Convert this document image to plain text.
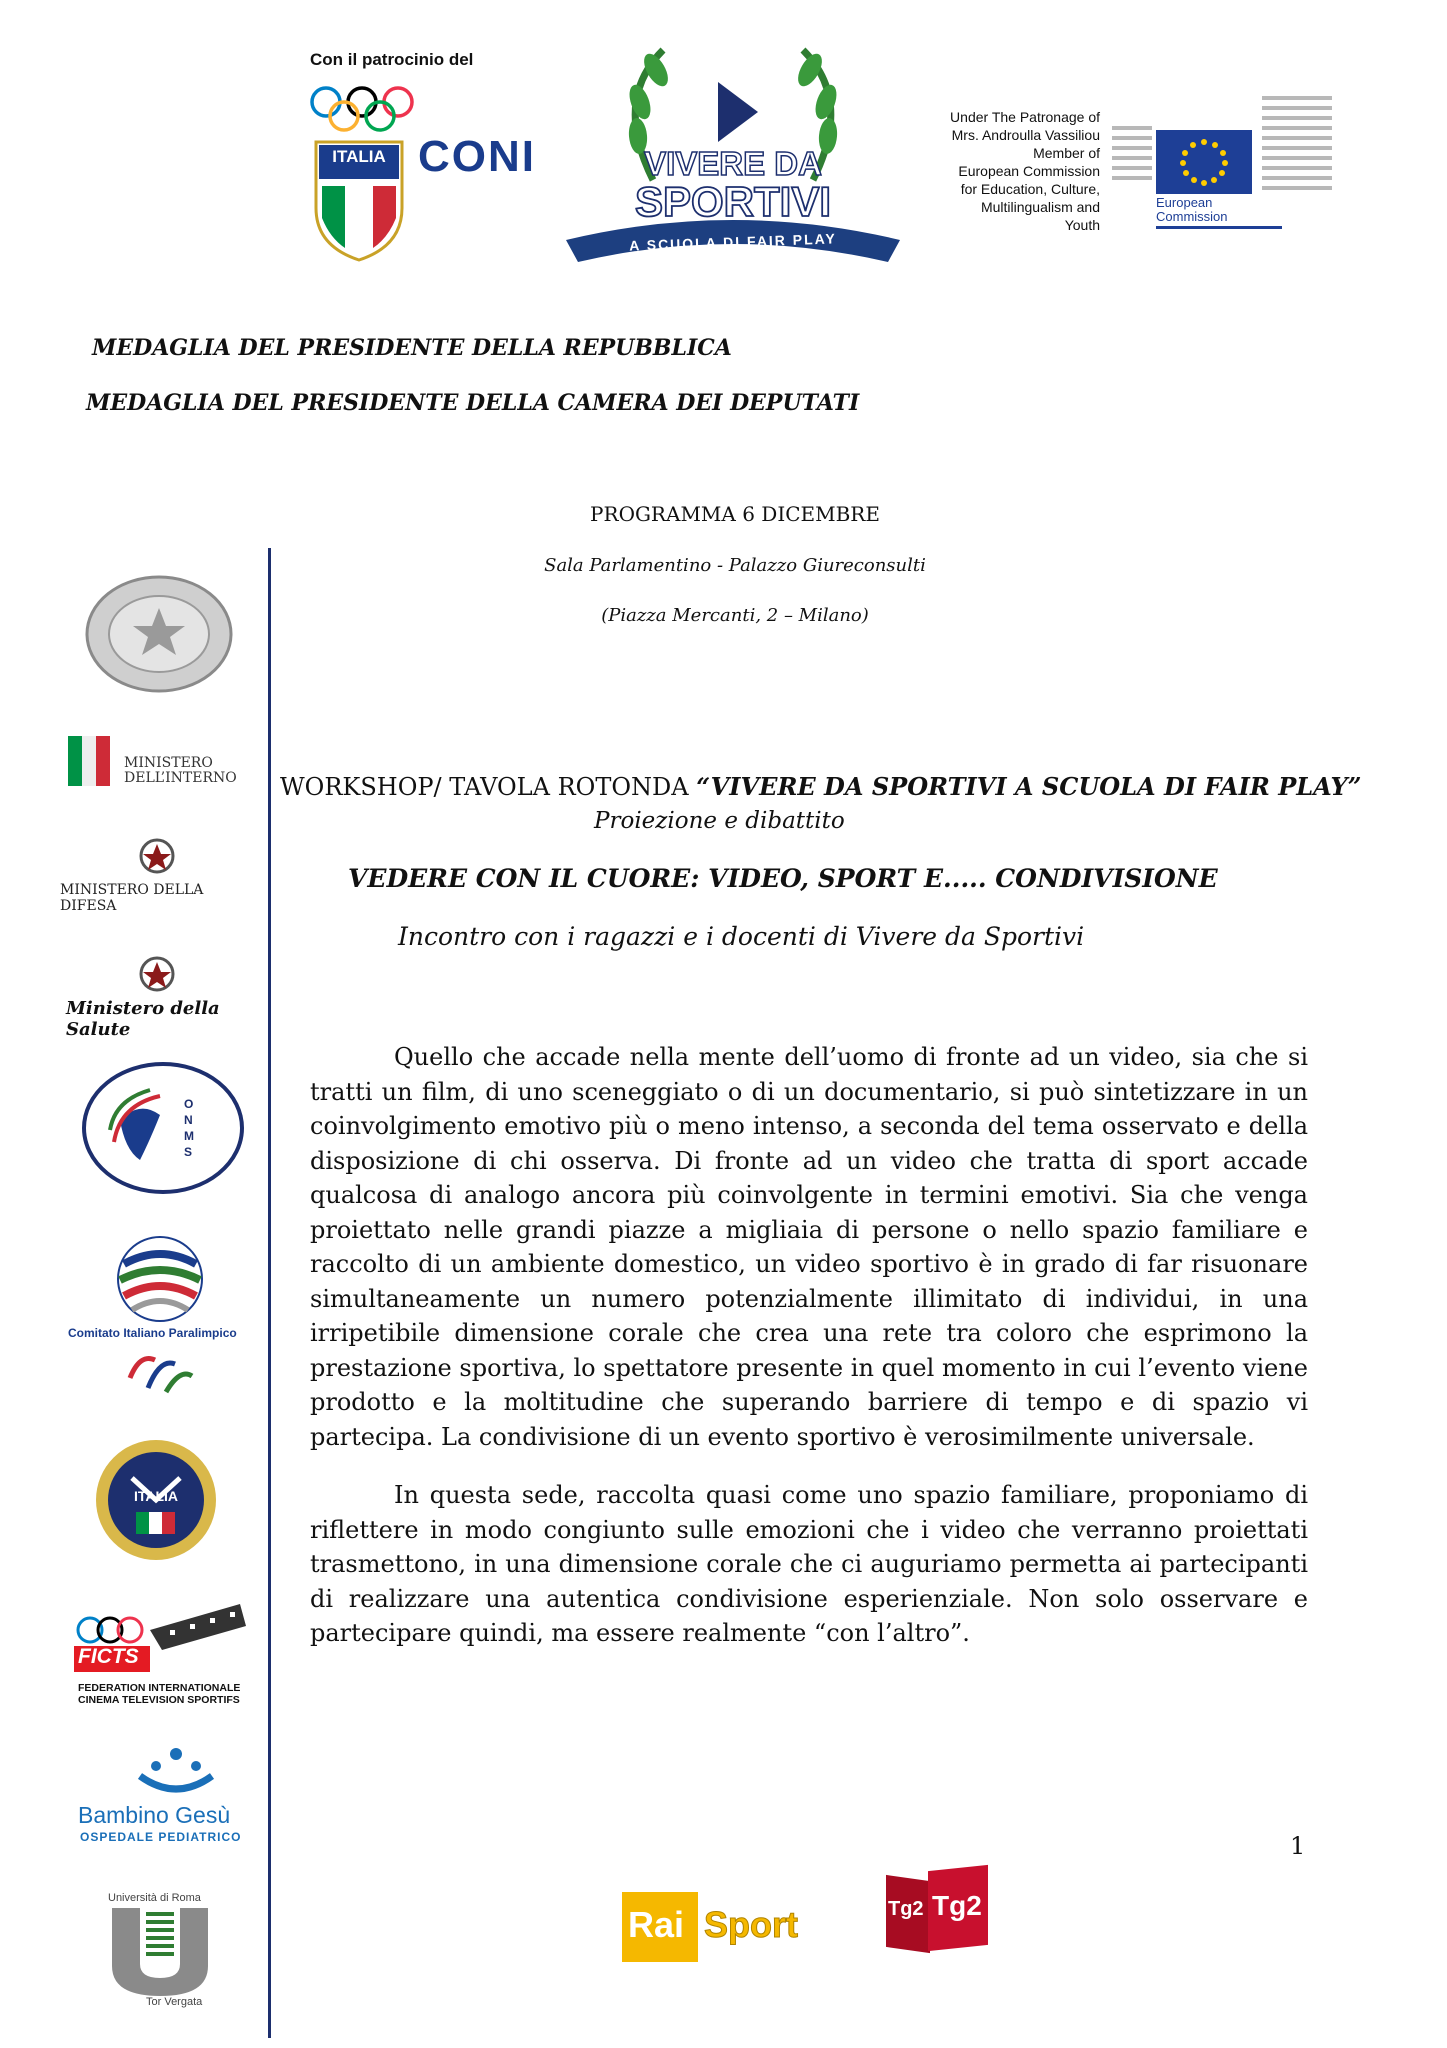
Con il patrocinio del
ITALIA CONI	VIVERE DA
SPORTIVI
A SCUOLA DI FAIR PLAY
Under The Patronage of
Mrs. Androulla Vassiliou
Member of
European Commission
for Education, Culture,
Multilingualism and
Youth
European
Commission
MEDAGLIA DEL PRESIDENTE DELLA REPUBBLICA
MEDAGLIA DEL PRESIDENTE DELLA CAMERA DEI DEPUTATI
PROGRAMMA 6 DICEMBRE
Sala Parlamentino - Palazzo Giureconsulti
(Piazza Mercanti, 2 – Milano)
WORKSHOP/ TAVOLA ROTONDA “VIVERE DA SPORTIVI A SCUOLA DI FAIR PLAY”
Proiezione e dibattito
VEDERE CON IL CUORE: VIDEO, SPORT E..... CONDIVISIONE
Incontro con i ragazzi e i docenti di Vivere da Sportivi
Quello che accade nella mente dell’uomo di fronte ad un video, sia che si tratti un film, di uno sceneggiato o di un documentario, si può sintetizzare in un coinvolgimento emotivo più o meno intenso, a seconda del tema osservato e della disposizione di chi osserva. Di fronte ad un video che tratta di sport accade qualcosa di analogo ancora più coinvolgente in termini emotivi. Sia che venga proiettato nelle grandi piazze a migliaia di persone o nello spazio familiare e raccolto di un ambiente domestico, un video sportivo è in grado di far risuonare simultaneamente un numero potenzialmente illimitato di individui, in una irripetibile dimensione corale che crea una rete tra coloro che esprimono la prestazione sportiva, lo spettatore presente in quel momento in cui l’evento viene prodotto e la moltitudine che superando barriere di tempo e di spazio vi partecipa. La condivisione di un evento sportivo è verosimilmente universale.
In questa sede, raccolta quasi come uno spazio familiare, proponiamo di riflettere in modo congiunto sulle emozioni che i video che verranno proiettati trasmettono, in una dimensione corale che ci auguriamo permetta ai partecipanti di realizzare una autentica condivisione esperienziale. Non solo osservare e partecipare quindi, ma essere realmente “con l’altro”.
1
MINISTERO
DELL’INTERNO
MINISTERO DELLA DIFESA
Ministero della Salute
O
N
M
S
Comitato Italiano Paralimpico
ITALIA
FICTS
FEDERATION INTERNATIONALE
CINEMA TELEVISION SPORTIFS
Bambino Gesù
OSPEDALE PEDIATRICO
Università di Roma
Tor Vergata
Rai Sport	Tg2 Tg2
